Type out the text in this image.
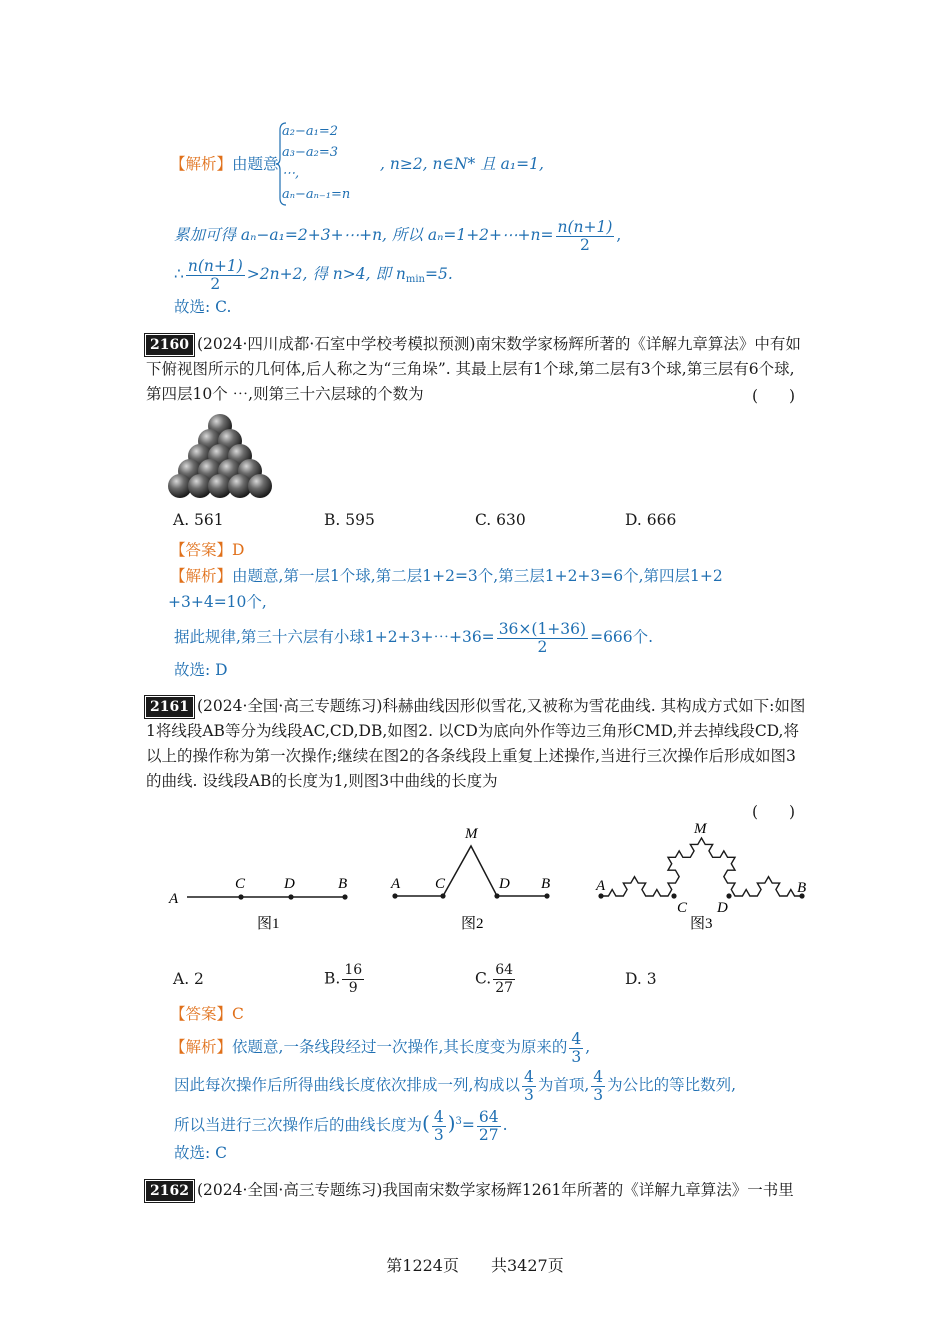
【解析】由题意
a₂−a₁=2
a₃−a₂=3
⋯,
aₙ−aₙ₋₁=n
, n≥2, n∈N* 且 a₁=1,
累加可得 aₙ−a₁=2+3+⋯+n, 所以 aₙ=1+2+⋯+n= $\frac{n(n+1)}{2}$ ,
∴ $\frac{n(n+1)}{2} >2n+2$, 得 n>4, 即 $n_{min}=5$.
故选: C.
2160 (2024·四川成都·石室中学校考模拟预测)南宋数学家杨辉所著的《详解九章算法》中有如下俯视图所示的几何体,后人称之为“三角垛”. 其最上层有1个球,第二层有3个球,第三层有6个球,第四层10个 ⋯,则第三十六层球的个数为	(　　)
A. 561	B. 595	C. 630	D. 666
【答案】D
【解析】由题意,第一层1个球,第二层1+2=3个,第三层1+2+3=6个,第四层1+2
+3+4=10个,
据此规律,第三十六层有小球1+2+3+⋯+36= $\frac{36\times(1+36)}{2} =666$个.
故选: D
2161 (2024·全国·高三专题练习)科赫曲线因形似雪花,又被称为雪花曲线. 其构成方式如下:如图1将线段AB等分为线段AC,CD,DB,如图2. 以CD为底向外作等边三角形CMD,并去掉线段CD,将以上的操作称为第一次操作;继续在图2的各条线段上重复上述操作,当进行三次操作后形成如图3的曲线. 设线段AB的长度为1,则图3中曲线的长度为
(　　)
A
C	D	B
图1
A C
M
D B
图2
A
C
M
D
B
图3
A. 2	B. $\frac{16}{9}$	C. $\frac{64}{27}$	D. 3
【答案】C
【解析】依题意,一条线段经过一次操作,其长度变为原来的 $\frac{4}{3}$ ,
因此每次操作后所得曲线长度依次排成一列,构成以 $\frac{4}{3}$ 为首项, $\frac{4}{3}$ 为公比的等比数列,
所以当进行三次操作后的曲线长度为( $\frac{4}{3} )^3= \frac{64}{27}$ .
故选: C
2162 (2024·全国·高三专题练习)我国南宋数学家杨辉1261年所著的《详解九章算法》一书里
第1224页　　共3427页
